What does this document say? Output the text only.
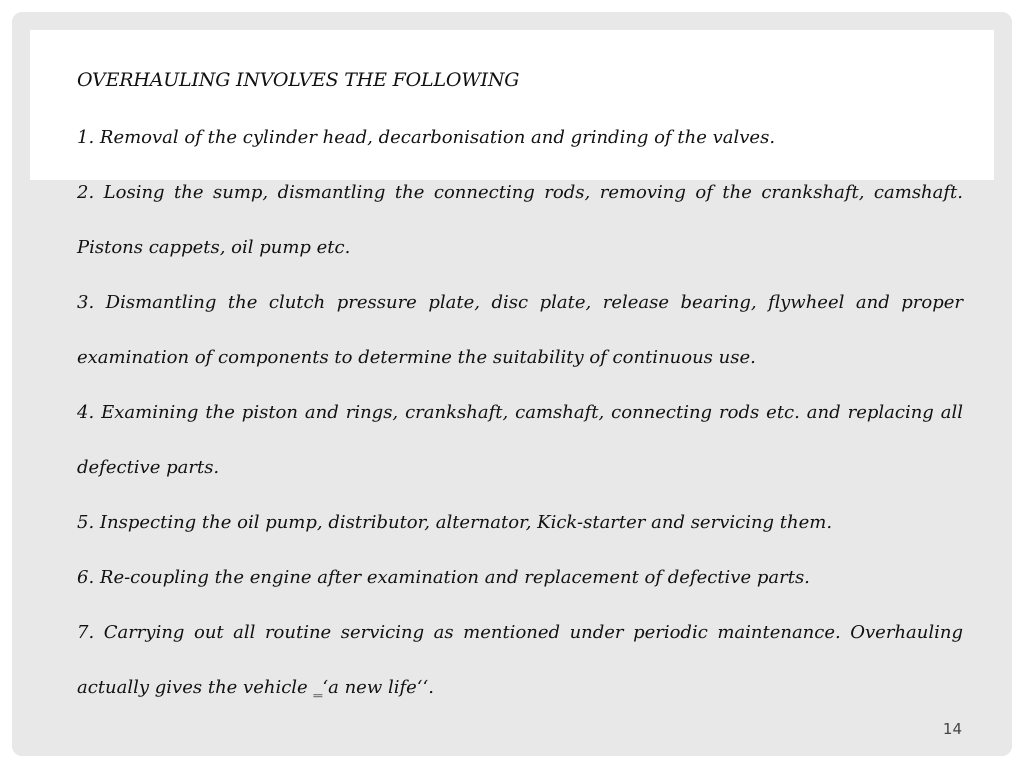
OVERHAULING INVOLVES THE FOLLOWING

1. Removal of the cylinder head, decarbonisation and grinding of the valves.

2. Losing the sump, dismantling the connecting rods, removing of the crankshaft, camshaft. Pistons cappets, oil pump etc.

3. Dismantling the clutch pressure plate, disc plate, release bearing, flywheel and proper examination of components to determine the suitability of continuous use.

4. Examining the piston and rings, crankshaft, camshaft, connecting rods etc. and replacing all defective parts.

5. Inspecting the oil pump, distributor, alternator, Kick-starter and servicing them.

6. Re-coupling the engine after examination and replacement of defective parts.

7. Carrying out all routine servicing as mentioned under periodic maintenance. Overhauling actually gives the vehicle ‗‘a new life‘‘.

14
